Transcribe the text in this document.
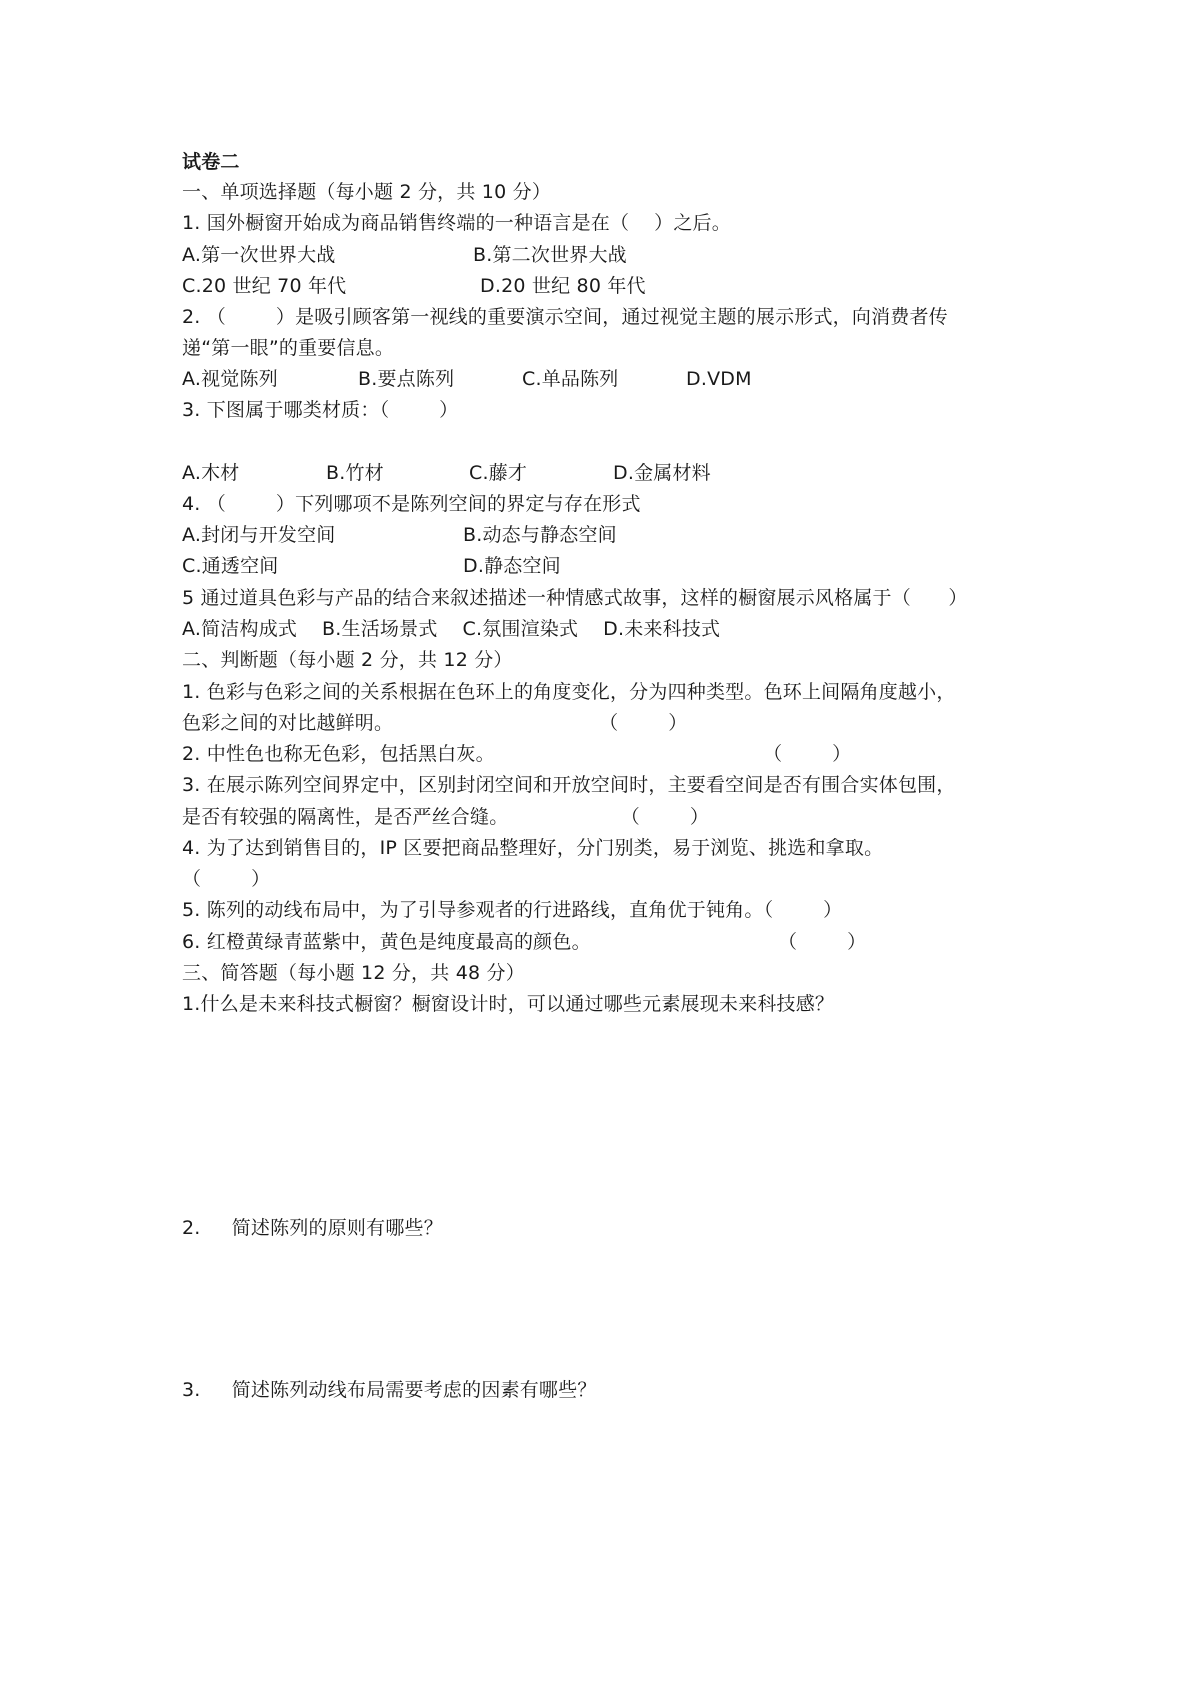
试卷二
一、单项选择题（每小题 2 分，共 10 分）
1. 国外橱窗开始成为商品销售终端的一种语言是在（    ）之后。
A.第一次世界大战	B.第二次世界大战
C.20 世纪 70 年代	D.20 世纪 80 年代
2. （        ）是吸引顾客第一视线的重要演示空间，通过视觉主题的展示形式，向消费者传
递“第一眼”的重要信息。
A.视觉陈列	B.要点陈列	C.单品陈列	D.VDM
3. 下图属于哪类材质：（        ）
A.木材	B.竹材	C.藤才	D.金属材料
4. （        ）下列哪项不是陈列空间的界定与存在形式
A.封闭与开发空间	B.动态与静态空间
C.通透空间	D.静态空间
5 通过道具色彩与产品的结合来叙述描述一种情感式故事，这样的橱窗展示风格属于（      ）
A.简洁构成式    B.生活场景式    C.氛围渲染式    D.未来科技式
二、判断题（每小题 2 分，共 12 分）
1. 色彩与色彩之间的关系根据在色环上的角度变化，分为四种类型。色环上间隔角度越小，
色彩之间的对比越鲜明。                                 （        ）
2. 中性色也称无色彩，包括黑白灰。                                           （        ）
3. 在展示陈列空间界定中，区别封闭空间和开放空间时，主要看空间是否有围合实体包围，
是否有较强的隔离性，是否严丝合缝。                  （        ）
4. 为了达到销售目的，IP 区要把商品整理好，分门别类，易于浏览、挑选和拿取。
（        ）
5. 陈列的动线布局中，为了引导参观者的行进路线，直角优于钝角。（        ）
6. 红橙黄绿青蓝紫中，黄色是纯度最高的颜色。                              （        ）
三、简答题（每小题 12 分，共 48 分）
1.什么是未来科技式橱窗？橱窗设计时，可以通过哪些元素展现未来科技感？
2.     简述陈列的原则有哪些？
3.     简述陈列动线布局需要考虑的因素有哪些？
